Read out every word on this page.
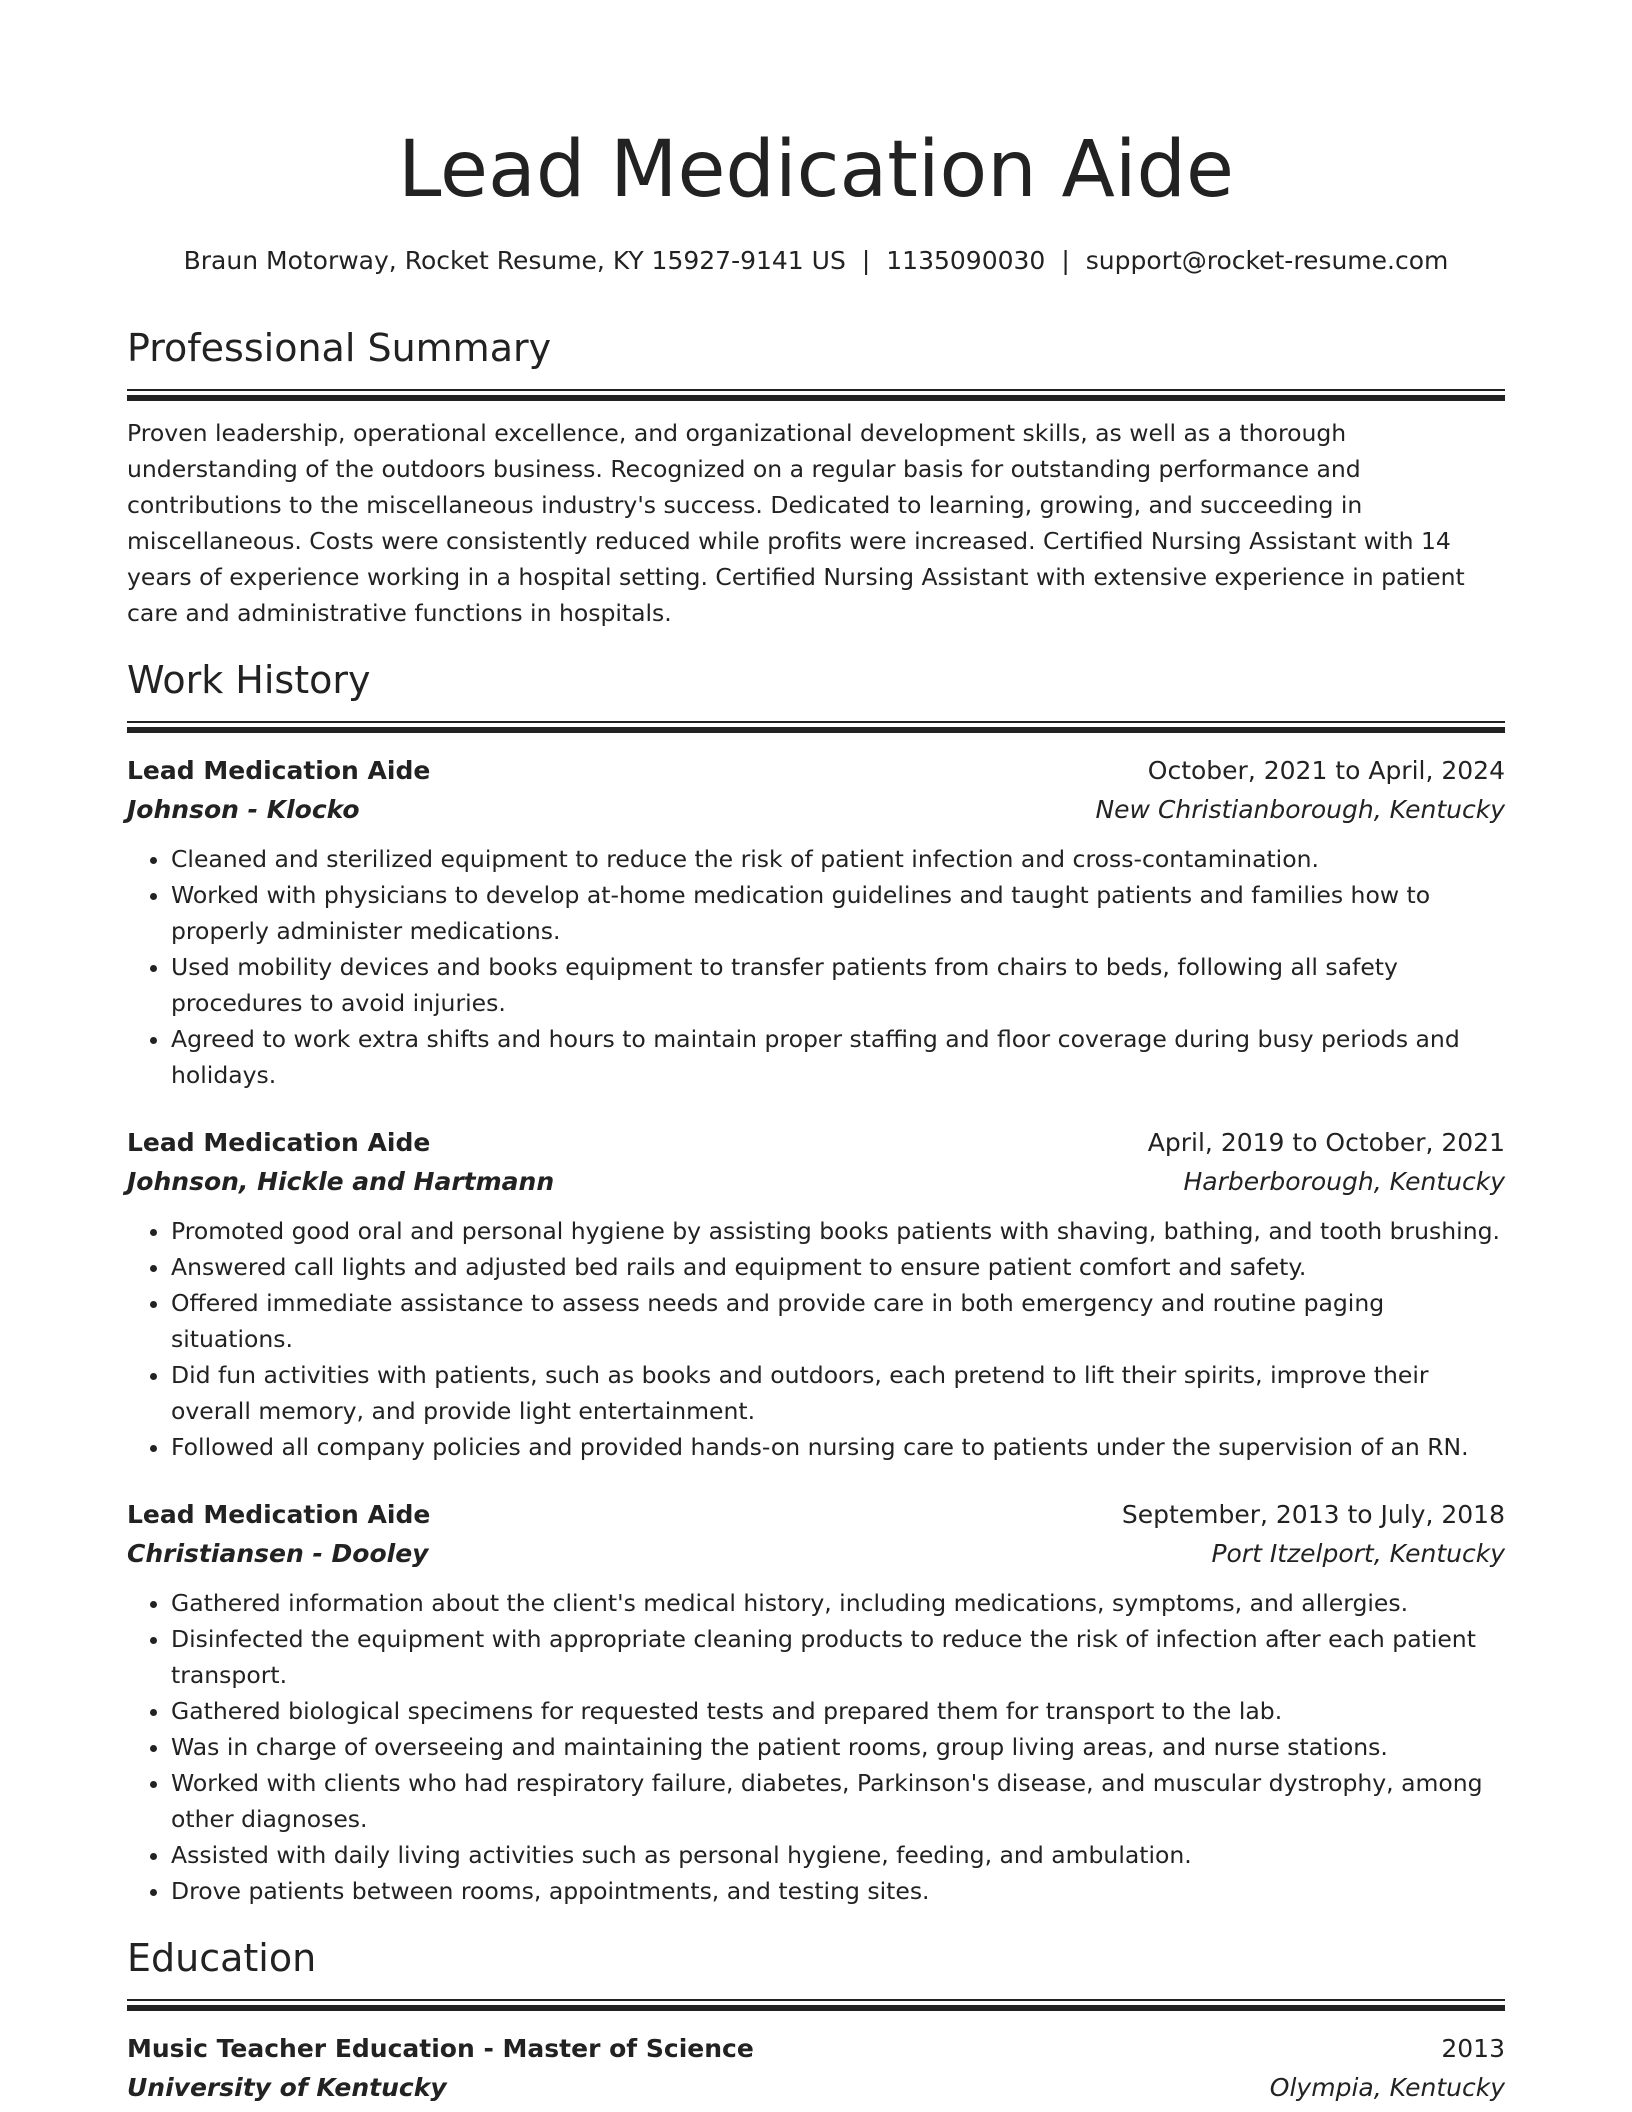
Lead Medication Aide
Braun Motorway, Rocket Resume, KY 15927-9141 US | 1135090030 | support@rocket-resume.com
Professional Summary

Proven leadership, operational excellence, and organizational development skills, as well as a thorough understanding of the outdoors business. Recognized on a regular basis for outstanding performance and contributions to the miscellaneous industry's success. Dedicated to learning, growing, and succeeding in miscellaneous. Costs were consistently reduced while profits were increased. Certified Nursing Assistant with 14 years of experience working in a hospital setting. Certified Nursing Assistant with extensive experience in patient care and administrative functions in hospitals.

Work History
Lead Medication Aide	October, 2021 to April, 2024
Johnson - Klocko	New Christianborough, Kentucky
• Cleaned and sterilized equipment to reduce the risk of patient infection and cross-contamination.
• Worked with physicians to develop at-home medication guidelines and taught patients and families how to properly administer medications.
• Used mobility devices and books equipment to transfer patients from chairs to beds, following all safety procedures to avoid injuries.
• Agreed to work extra shifts and hours to maintain proper staffing and floor coverage during busy periods and holidays.
Lead Medication Aide	April, 2019 to October, 2021
Johnson, Hickle and Hartmann	Harberborough, Kentucky
• Promoted good oral and personal hygiene by assisting books patients with shaving, bathing, and tooth brushing.
• Answered call lights and adjusted bed rails and equipment to ensure patient comfort and safety.
• Offered immediate assistance to assess needs and provide care in both emergency and routine paging situations.
• Did fun activities with patients, such as books and outdoors, each pretend to lift their spirits, improve their overall memory, and provide light entertainment.
• Followed all company policies and provided hands-on nursing care to patients under the supervision of an RN.
Lead Medication Aide	September, 2013 to July, 2018
Christiansen - Dooley	Port Itzelport, Kentucky
• Gathered information about the client's medical history, including medications, symptoms, and allergies.
• Disinfected the equipment with appropriate cleaning products to reduce the risk of infection after each patient transport.
• Gathered biological specimens for requested tests and prepared them for transport to the lab.
• Was in charge of overseeing and maintaining the patient rooms, group living areas, and nurse stations.
• Worked with clients who had respiratory failure, diabetes, Parkinson's disease, and muscular dystrophy, among other diagnoses.
• Assisted with daily living activities such as personal hygiene, feeding, and ambulation.
• Drove patients between rooms, appointments, and testing sites.
Education
Music Teacher Education - Master of Science	2013
University of Kentucky	Olympia, Kentucky
